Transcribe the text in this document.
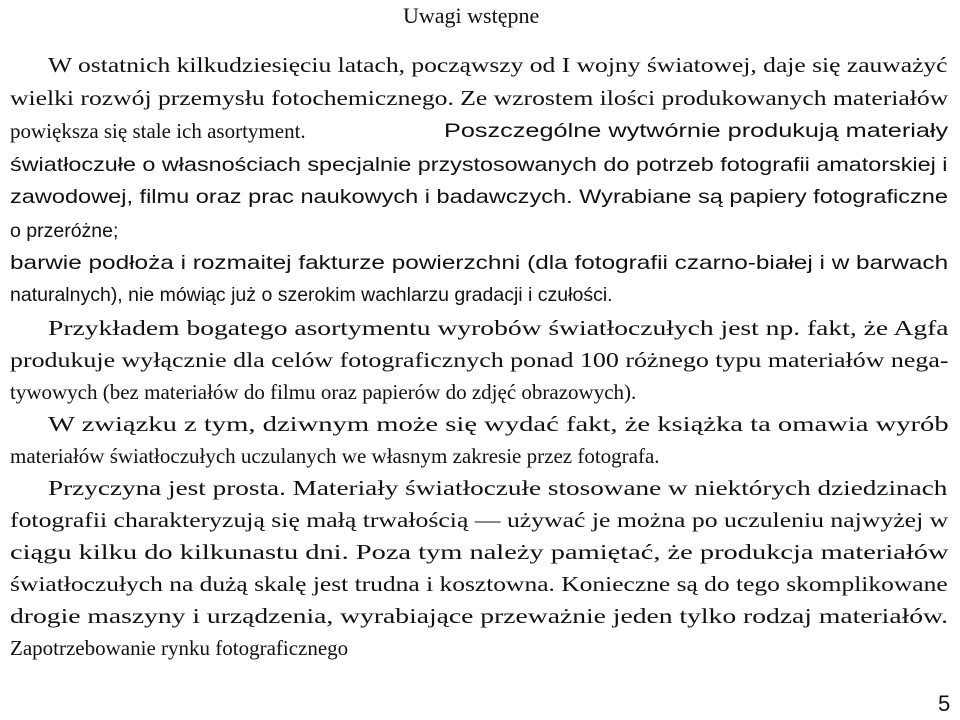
Uwagi wstępne
W ostatnich kilkudziesięciu latach, począwszy od I wojny światowej, daje się zauważyć
wielki rozwój przemysłu fotochemicznego. Ze wzrostem ilości produkowanych materiałów
powiększa się stale ich asortyment.	Poszczególne wytwórnie produkują materiały
światłoczułe o własnościach specjalnie przystosowanych do potrzeb fotografii amatorskiej i
zawodowej, filmu oraz prac naukowych i badawczych. Wyrabiane są papiery fotograficzne
o przeróżne;
barwie podłoża i rozmaitej fakturze powierzchni (dla fotografii czarno-białej i w barwach
naturalnych), nie mówiąc już o szerokim wachlarzu gradacji i czułości.
Przykładem bogatego asortymentu wyrobów światłoczułych jest np. fakt, że Agfa
produkuje wyłącznie dla celów fotograficznych ponad 100 różnego typu materiałów nega-
tywowych (bez materiałów do filmu oraz papierów do zdjęć obrazowych).
W związku z tym, dziwnym może się wydać fakt, że książka ta omawia wyrób
materiałów światłoczułych uczulanych we własnym zakresie przez fotografa.
Przyczyna jest prosta. Materiały światłoczułe stosowane w niektórych dziedzinach
fotografii charakteryzują się małą trwałością — używać je można po uczuleniu najwyżej w
ciągu kilku do kilkunastu dni. Poza tym należy pamiętać, że produkcja materiałów
światłoczułych na dużą skalę jest trudna i kosztowna. Konieczne są do tego skomplikowane
drogie maszyny i urządzenia, wyrabiające przeważnie jeden tylko rodzaj materiałów.
Zapotrzebowanie rynku fotograficznego
5
